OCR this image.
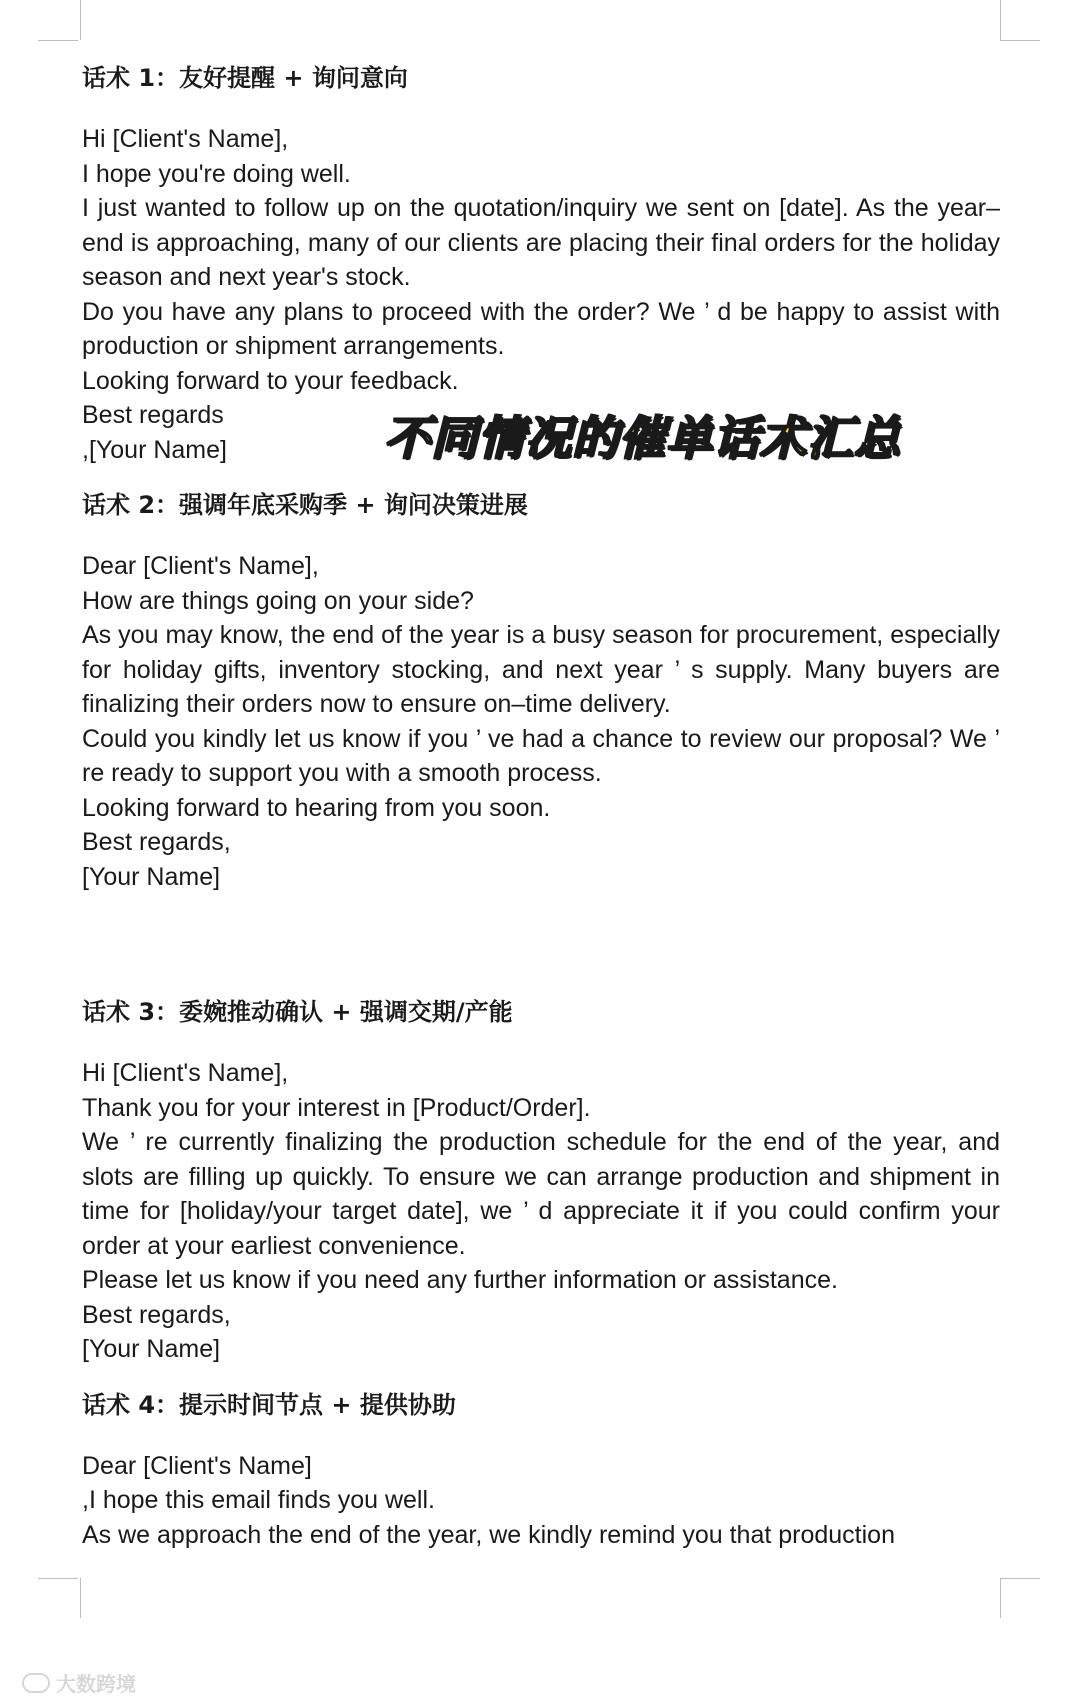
话术 1：友好提醒 + 询问意向
Hi [Client's Name],
I hope you're doing well.
I just wanted to follow up on the quotation/inquiry we sent on [date]. As the year–end is approaching, many of our clients are placing their final orders for the holiday season and next year's stock.
Do you have any plans to proceed with the order? We ’ d be happy to assist with production or shipment arrangements.
Looking forward to your feedback.
Best regards
,[Your Name]
话术 2：强调年底采购季 + 询问决策进展
Dear [Client's Name],
How are things going on your side?
As you may know, the end of the year is a busy season for procurement, especially for holiday gifts, inventory stocking, and next year ’ s supply. Many buyers are finalizing their orders now to ensure on–time delivery.
Could you kindly let us know if you ’ ve had a chance to review our proposal? We ’ re ready to support you with a smooth process.
Looking forward to hearing from you soon.
Best regards,
[Your Name]
话术 3：委婉推动确认 + 强调交期/产能
Hi [Client's Name],
Thank you for your interest in [Product/Order].
We ’ re currently finalizing the production schedule for the end of the year, and slots are filling up quickly. To ensure we can arrange production and shipment in time for [holiday/your target date], we ’ d appreciate it if you could confirm your order at your earliest convenience.
Please let us know if you need any further information or assistance.
Best regards,
[Your Name]
话术 4：提示时间节点 + 提供协助
Dear [Client's Name]
,I hope this email finds you well.
As we approach the end of the year, we kindly remind you that production
不同情况的催单话术汇总
大数跨境
